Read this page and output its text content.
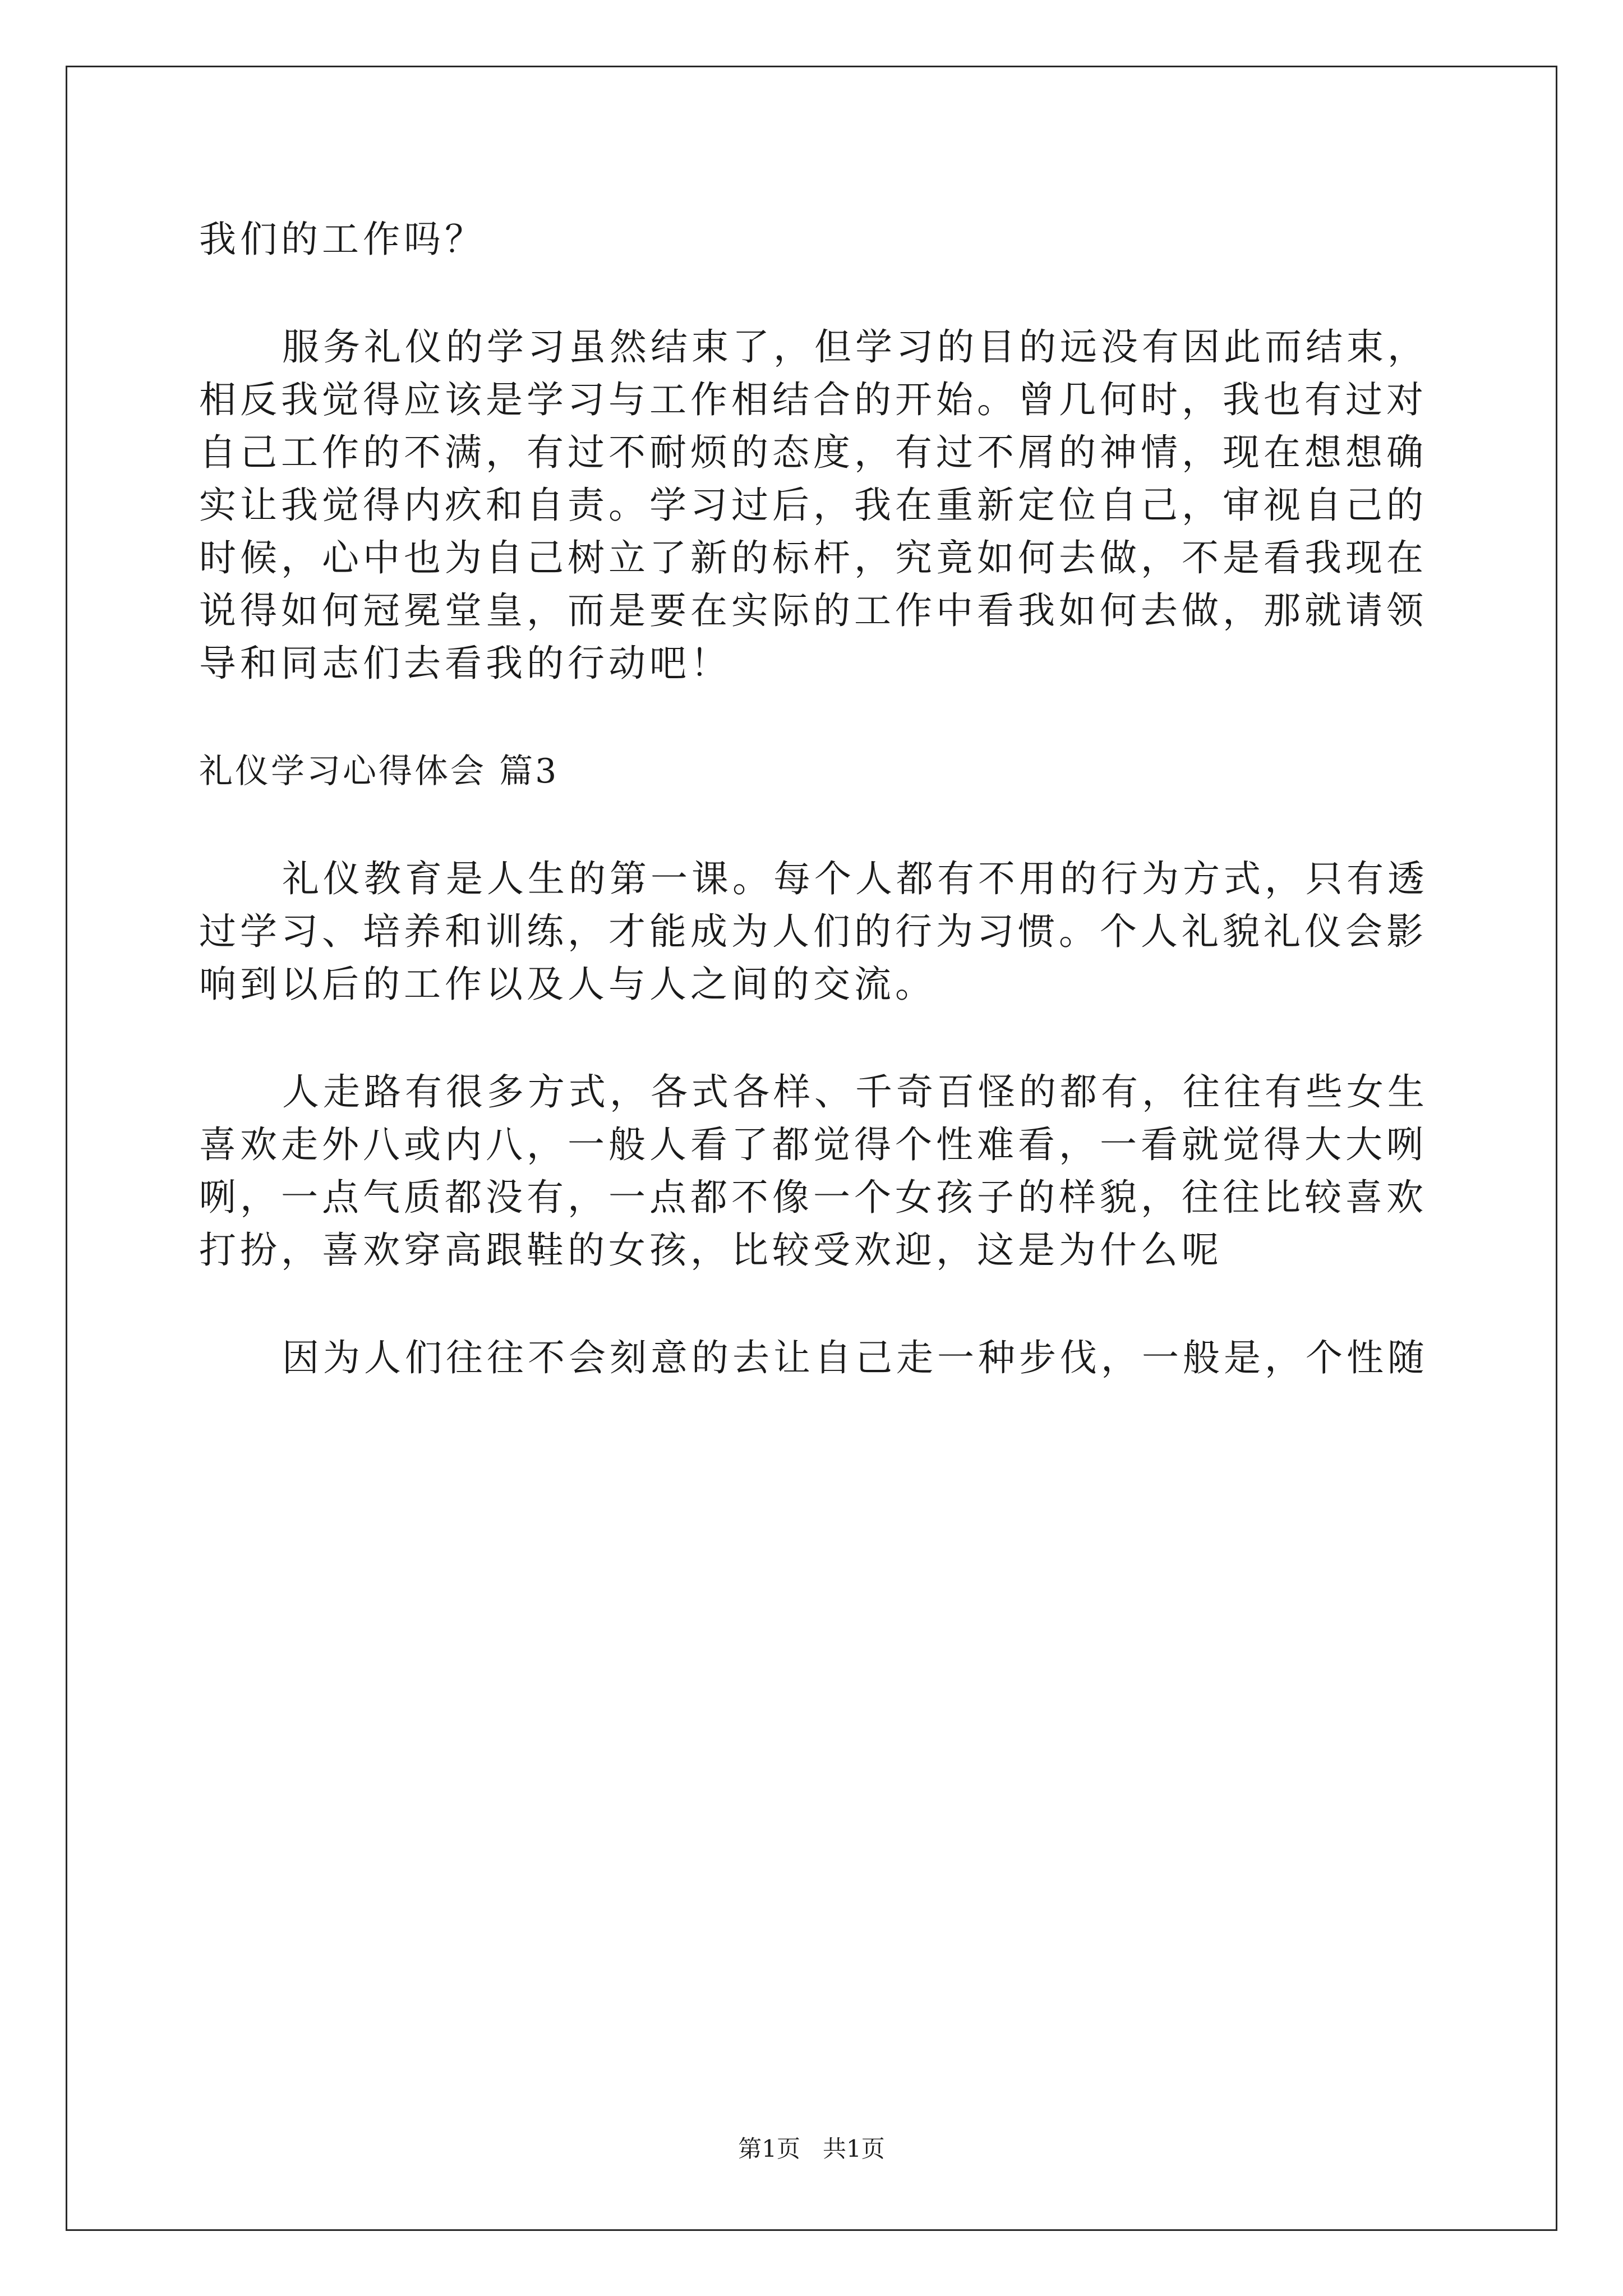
我们的工作吗？
服务礼仪的学习虽然结束了，但学习的目的远没有因此而结束，
相反我觉得应该是学习与工作相结合的开始。曾几何时，我也有过对
自己工作的不满，有过不耐烦的态度，有过不屑的神情，现在想想确
实让我觉得内疚和自责。学习过后，我在重新定位自己，审视自己的
时候，心中也为自己树立了新的标杆，究竟如何去做，不是看我现在
说得如何冠冕堂皇，而是要在实际的工作中看我如何去做，那就请领
导和同志们去看我的行动吧！
礼仪学习心得体会 篇3
礼仪教育是人生的第一课。每个人都有不用的行为方式，只有透
过学习、培养和训练，才能成为人们的行为习惯。个人礼貌礼仪会影
响到以后的工作以及人与人之间的交流。
人走路有很多方式，各式各样、千奇百怪的都有，往往有些女生
喜欢走外八或内八，一般人看了都觉得个性难看，一看就觉得大大咧
咧，一点气质都没有，一点都不像一个女孩子的样貌，往往比较喜欢
打扮，喜欢穿高跟鞋的女孩，比较受欢迎，这是为什么呢
因为人们往往不会刻意的去让自己走一种步伐，一般是，个性随
第1页 共1页
